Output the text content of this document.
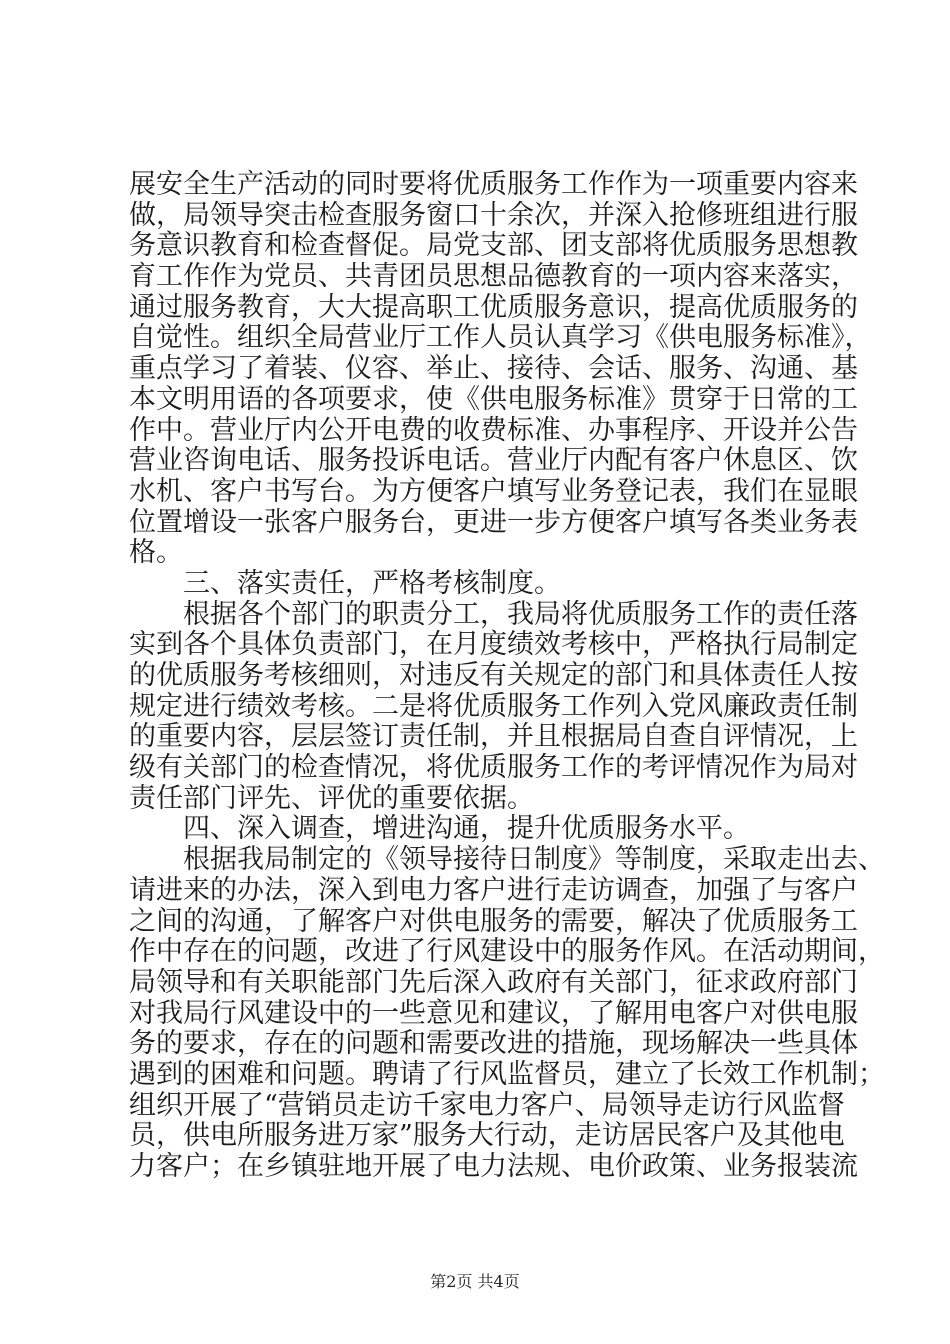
展安全生产活动的同时要将优质服务工作作为一项重要内容来
做，局领导突击检查服务窗口十余次，并深入抢修班组进行服
务意识教育和检查督促。局党支部、团支部将优质服务思想教
育工作作为党员、共青团员思想品德教育的一项内容来落实，
通过服务教育，大大提高职工优质服务意识，提高优质服务的
自觉性。组织全局营业厅工作人员认真学习《供电服务标准》，
重点学习了着装、仪容、举止、接待、会话、服务、沟通、基
本文明用语的各项要求，使《供电服务标准》贯穿于日常的工
作中。营业厅内公开电费的收费标准、办事程序、开设并公告
营业咨询电话、服务投诉电话。营业厅内配有客户休息区、饮
水机、客户书写台。为方便客户填写业务登记表，我们在显眼
位置增设一张客户服务台，更进一步方便客户填写各类业务表
格。
三、落实责任，严格考核制度。
根据各个部门的职责分工，我局将优质服务工作的责任落
实到各个具体负责部门，在月度绩效考核中，严格执行局制定
的优质服务考核细则，对违反有关规定的部门和具体责任人按
规定进行绩效考核。二是将优质服务工作列入党风廉政责任制
的重要内容，层层签订责任制，并且根据局自查自评情况，上
级有关部门的检查情况，将优质服务工作的考评情况作为局对
责任部门评先、评优的重要依据。
四、深入调查，增进沟通，提升优质服务水平。
根据我局制定的《领导接待日制度》等制度，采取走出去、
请进来的办法，深入到电力客户进行走访调查，加强了与客户
之间的沟通，了解客户对供电服务的需要，解决了优质服务工
作中存在的问题，改进了行风建设中的服务作风。在活动期间，
局领导和有关职能部门先后深入政府有关部门，征求政府部门
对我局行风建设中的一些意见和建议，了解用电客户对供电服
务的要求，存在的问题和需要改进的措施，现场解决一些具体
遇到的困难和问题。聘请了行风监督员，建立了长效工作机制；
组织开展了“营销员走访千家电力客户、局领导走访行风监督
员，供电所服务进万家”服务大行动，走访居民客户及其他电
力客户；在乡镇驻地开展了电力法规、电价政策、业务报装流
第2页 共4页
